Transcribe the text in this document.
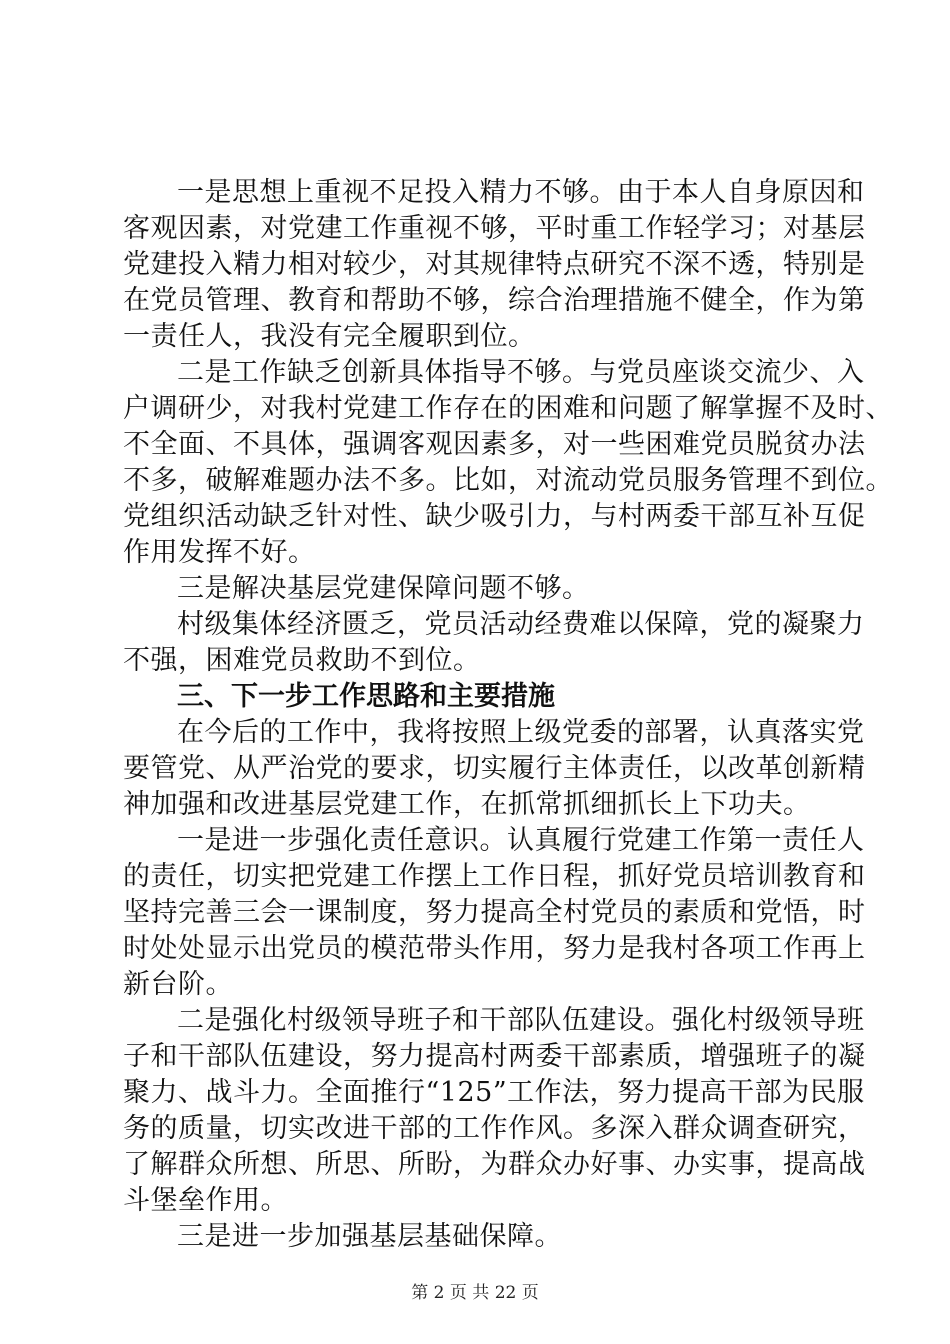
一是思想上重视不足投入精力不够。由于本人自身原因和
客观因素，对党建工作重视不够，平时重工作轻学习；对基层
党建投入精力相对较少，对其规律特点研究不深不透，特别是
在党员管理、教育和帮助不够，综合治理措施不健全，作为第
一责任人，我没有完全履职到位。
二是工作缺乏创新具体指导不够。与党员座谈交流少、入
户调研少，对我村党建工作存在的困难和问题了解掌握不及时、
不全面、不具体，强调客观因素多，对一些困难党员脱贫办法
不多，破解难题办法不多。比如，对流动党员服务管理不到位。
党组织活动缺乏针对性、缺少吸引力，与村两委干部互补互促
作用发挥不好。
三是解决基层党建保障问题不够。
村级集体经济匮乏，党员活动经费难以保障，党的凝聚力
不强，困难党员救助不到位。
三、下一步工作思路和主要措施
在今后的工作中，我将按照上级党委的部署，认真落实党
要管党、从严治党的要求，切实履行主体责任，以改革创新精
神加强和改进基层党建工作，在抓常抓细抓长上下功夫。
一是进一步强化责任意识。认真履行党建工作第一责任人
的责任，切实把党建工作摆上工作日程，抓好党员培训教育和
坚持完善三会一课制度，努力提高全村党员的素质和党悟，时
时处处显示出党员的模范带头作用，努力是我村各项工作再上
新台阶。
二是强化村级领导班子和干部队伍建设。强化村级领导班
子和干部队伍建设，努力提高村两委干部素质，增强班子的凝
聚力、战斗力。全面推行“125”工作法，努力提高干部为民服
务的质量，切实改进干部的工作作风。多深入群众调查研究，
了解群众所想、所思、所盼，为群众办好事、办实事，提高战
斗堡垒作用。
三是进一步加强基层基础保障。
第 2 页 共 22 页
